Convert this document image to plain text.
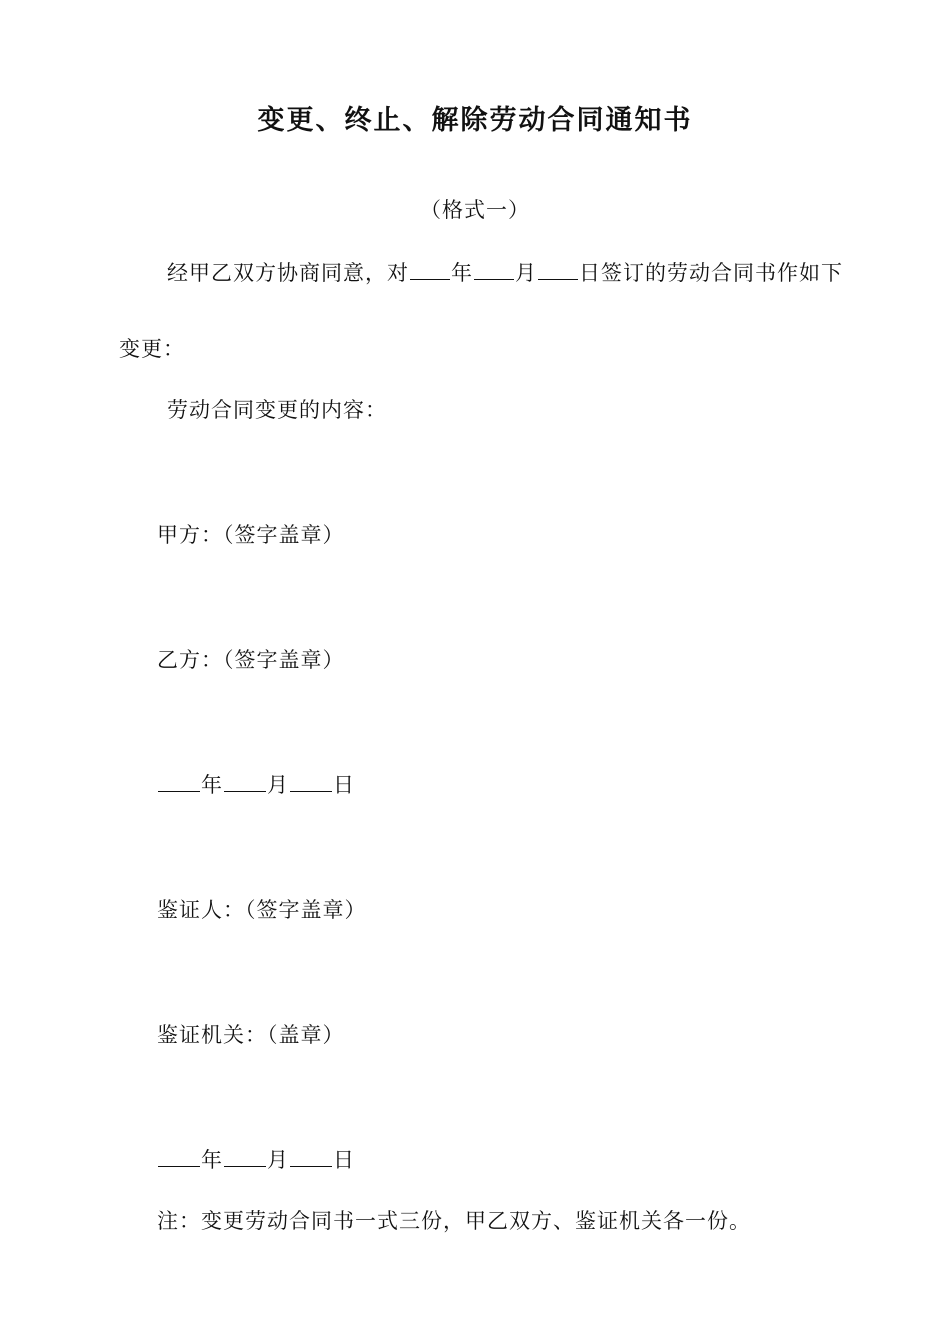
变更、终止、解除劳动合同通知书
（格式一）
经甲乙双方协商同意，对 年 月 日签订的劳动合同书作如下
变更：
劳动合同变更的内容：
甲方：（签字盖章）
乙方：（签字盖章）
年 月 日
鉴证人：（签字盖章）
鉴证机关：（盖章）
年 月 日
注：变更劳动合同书一式三份，甲乙双方、鉴证机关各一份。
